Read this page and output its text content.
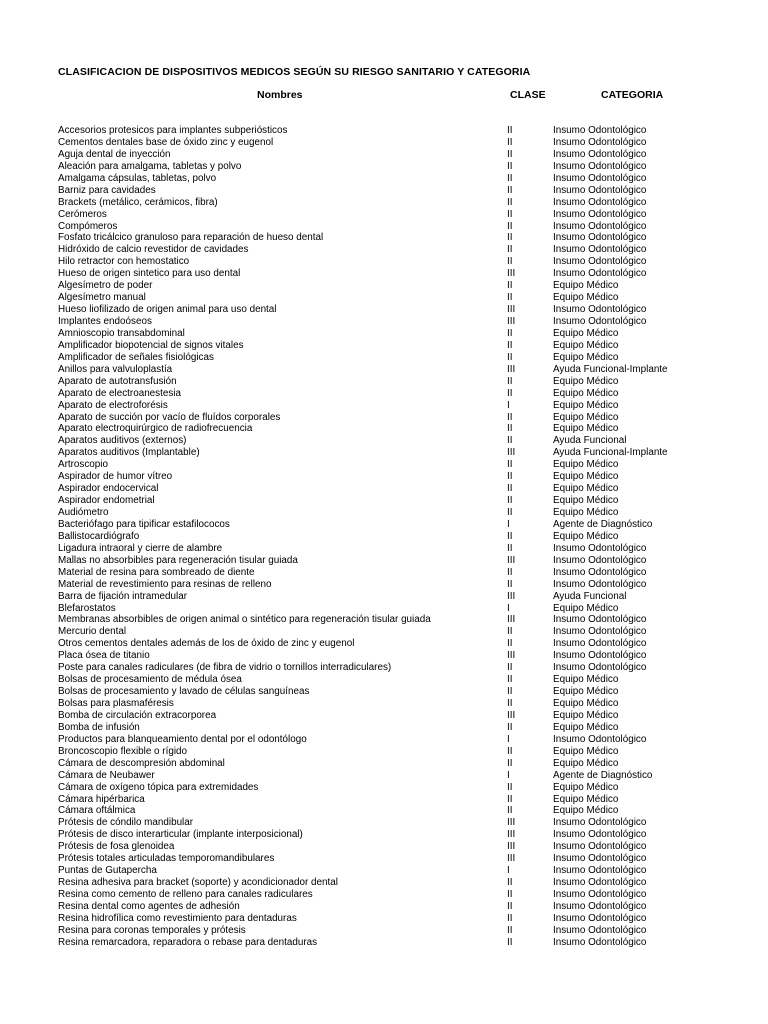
CLASIFICACION DE DISPOSITIVOS MEDICOS SEGÚN SU RIESGO SANITARIO Y CATEGORIA
Nombres	CLASE	CATEGORIA
Accesorios protesicos para implantes subperiósticos	II	Insumo Odontológico
Cementos dentales base de óxido zinc y eugenol	II	Insumo Odontológico
Aguja dental de inyección	II	Insumo Odontológico
Aleación para amalgama, tabletas y polvo	II	Insumo Odontológico
Amalgama cápsulas, tabletas, polvo	II	Insumo Odontológico
Barniz para cavidades	II	Insumo Odontológico
Brackets (metálico, cerámicos, fibra)	II	Insumo Odontológico
Cerómeros	II	Insumo Odontológico
Compómeros	II	Insumo Odontológico
Fosfato tricálcico granuloso para reparación de hueso dental	II	Insumo Odontológico
Hidróxido de calcio revestidor de cavidades	II	Insumo Odontológico
Hilo retractor con hemostatico	II	Insumo Odontológico
Hueso de origen sintetico para uso dental	III	Insumo Odontológico
Algesímetro de poder	II	Equipo Médico
Algesímetro manual	II	Equipo Médico
Hueso liofilizado de origen animal para uso dental	III	Insumo Odontológico
Implantes endoóseos	III	Insumo Odontológico
Amnioscopio transabdominal	II	Equipo Médico
Amplificador biopotencial de signos vitales	II	Equipo Médico
Amplificador de señales fisiológicas	II	Equipo Médico
Anillos para valvuloplastía	III	Ayuda Funcional-Implante
Aparato de autotransfusión	II	Equipo Médico
Aparato de electroanestesia	II	Equipo Médico
Aparato de electroforésis	I	Equipo Médico
Aparato de succión por vacío de fluídos corporales	II	Equipo Médico
Aparato electroquirúrgico de radiofrecuencia	II	Equipo Médico
Aparatos auditivos (externos)	II	Ayuda Funcional
Aparatos auditivos (Implantable)	III	Ayuda Funcional-Implante
Artroscopio	II	Equipo Médico
Aspirador de humor vítreo	II	Equipo Médico
Aspirador endocervical	II	Equipo Médico
Aspirador endometrial	II	Equipo Médico
Audiómetro	II	Equipo Médico
Bacteriófago para tipificar estafilococos	I	Agente de Diagnóstico
Ballistocardiógrafo	II	Equipo Médico
Ligadura intraoral y cierre de alambre	II	Insumo Odontológico
Mallas no absorbibles para regeneración tisular guiada	III	Insumo Odontológico
Material de resina para sombreado de diente	II	Insumo Odontológico
Material de revestimiento para resinas de relleno	II	Insumo Odontológico
Barra de fijación intramedular	III	Ayuda Funcional
Blefarostatos	I	Equipo Médico
Membranas absorbibles de origen animal o sintético para regeneración tisular guiada	III	Insumo Odontológico
Mercurio dental	II	Insumo Odontológico
Otros cementos dentales además de los de óxido de zinc y eugenol	II	Insumo Odontológico
Placa ósea de titanio	III	Insumo Odontológico
Poste para canales radiculares (de fibra de vidrio o tornillos interradiculares)	II	Insumo Odontológico
Bolsas de procesamiento de médula ósea	II	Equipo Médico
Bolsas de procesamiento y lavado de células sanguíneas	II	Equipo Médico
Bolsas para plasmaféresis	II	Equipo Médico
Bomba de circulación extracorporea	III	Equipo Médico
Bomba de infusión	II	Equipo Médico
Productos para blanqueamiento dental por el odontólogo	I	Insumo Odontológico
Broncoscopio flexible o rígido	II	Equipo Médico
Cámara de descompresión abdominal	II	Equipo Médico
Cámara de Neubawer	I	Agente de Diagnóstico
Cámara de oxígeno tópica para extremidades	II	Equipo Médico
Cámara hipérbarica	II	Equipo Médico
Cámara oftálmica	II	Equipo Médico
Prótesis de cóndilo mandibular	III	Insumo Odontológico
Prótesis de disco interarticular (implante interposicional)	III	Insumo Odontológico
Prótesis de fosa glenoidea	III	Insumo Odontológico
Prótesis totales articuladas temporomandibulares	III	Insumo Odontológico
Puntas de Gutapercha	I	Insumo Odontológico
Resina adhesiva para bracket (soporte) y acondicionador dental	II	Insumo Odontológico
Resina como cemento de relleno para canales radiculares	II	Insumo Odontológico
Resina dental como agentes de adhesión	II	Insumo Odontológico
Resina hidrofílica como revestimiento para dentaduras	II	Insumo Odontológico
Resina para coronas temporales y prótesis	II	Insumo Odontológico
Resina remarcadora, reparadora o rebase para dentaduras	II	Insumo Odontológico
